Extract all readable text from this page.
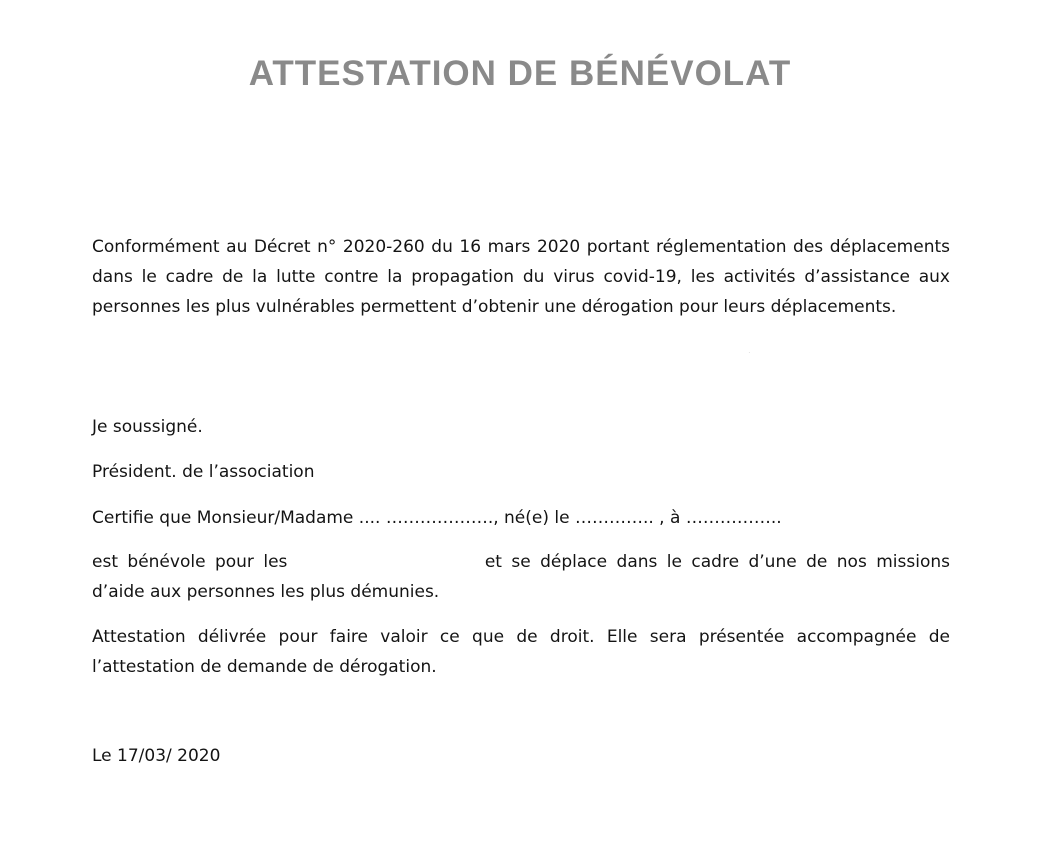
ATTESTATION DE BÉNÉVOLAT
Conformément au Décret n° 2020-260 du 16 mars 2020 portant réglementation des déplacements dans le cadre de la lutte contre la propagation du virus covid-19, les activités d’assistance aux personnes les plus vulnérables permettent d’obtenir une dérogation pour leurs déplacements.
·
Je soussigné.
Président. de l’association
Certifie que Monsieur/Madame .... ………………., né(e) le ………….. , à ……………..
est bénévole pour les	et se déplace dans le cadre d’une de nos missions d’aide aux personnes les plus démunies.
Attestation délivrée pour faire valoir ce que de droit. Elle sera présentée accompagnée de l’attestation de demande de dérogation.
Le 17/03/ 2020
